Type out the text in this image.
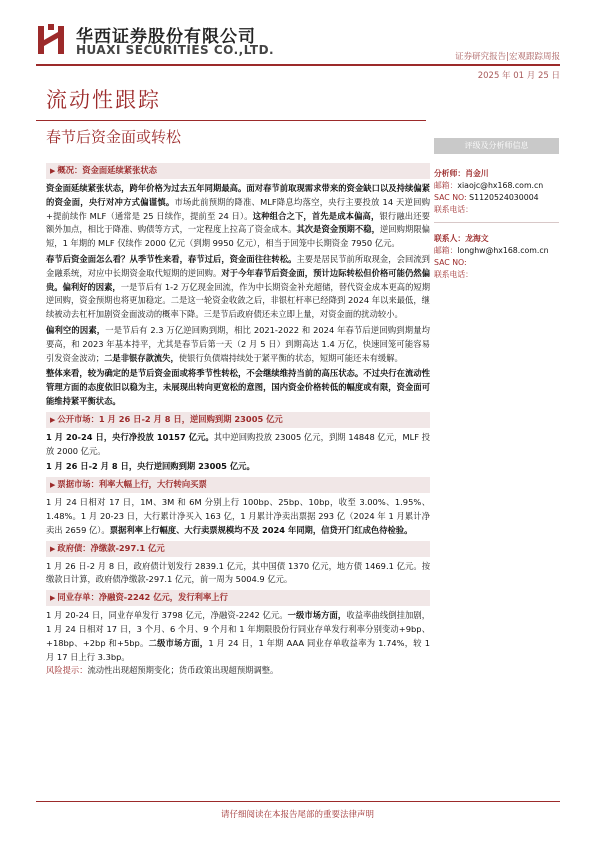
华西证券股份有限公司
HUAXI SECURITIES CO.,LTD.	证券研究报告|宏观跟踪周报
2025 年 01 月 25 日
流动性跟踪
春节后资金面或转松	评级及分析师信息
分析师：肖金川
邮箱：xiaojc@hx168.com.cn
SAC NO: S1120524030004
联系电话：
联系人：龙海文
邮箱：longhw@hx168.com.cn
SAC NO:
联系电话：
▶ 概况：资金面延续紧张状态

资金面延续紧张状态，跨年价格为过去五年同期最高。面对春节前取现需求带来的资金缺口以及持续偏紧的资金面，央行对冲方式偏谨慎。市场此前预期的降准、MLF降息均落空，央行主要投放 14 天逆回购+提前续作 MLF（通常是 25 日续作，提前至 24 日）。这种组合之下，首先是成本偏高，银行融出还要额外加点，相比于降准、购债等方式，一定程度上拉高了资金成本。其次是资金预期不稳，逆回购期限偏短，1 年期的 MLF 仅续作 2000 亿元（到期 9950 亿元），相当于回笼中长期资金 7950 亿元。

春节后资金面怎么看？从季节性来看，春节过后，资金面往往转松。主要是居民节前所取现金，会回流到金融系统，对应中长期资金取代短期的逆回购。对于今年春节后资金面，预计边际转松但价格可能仍然偏贵。偏利好的因素，一是节后有 1-2 万亿现金回流，作为中长期资金补充超储，替代资金成本更高的短期逆回购，资金预期也将更加稳定。二是这一轮资金收敛之后，非银杠杆率已经降到 2024 年以来最低，继续被动去杠杆加剧资金面波动的概率下降。三是节后政府债还未立即上量，对资金面的扰动较小。

偏利空的因素，一是节后有 2.3 万亿逆回购到期，相比 2021-2022 和 2024 年春节后逆回购到期量均要高，和 2023 年基本持平，尤其是春节后第一天（2 月 5 日）到期高达 1.4 万亿，快速回笼可能容易引发资金波动；二是非银存款流失，使银行负债端持续处于紧平衡的状态，短期可能还未有缓解。

整体来看，较为确定的是节后资金面或将季节性转松，不会继续维持当前的高压状态。不过央行在流动性管理方面的态度依旧以稳为主，未展现出转向更宽松的意图，国内资金价格转低的幅度或有限，资金面可能维持紧平衡状态。

▶ 公开市场：1 月 26 日-2 月 8 日，逆回购到期 23005 亿元

1 月 20-24 日，央行净投放 10157 亿元。其中逆回购投放 23005 亿元，到期 14848 亿元，MLF 投放 2000 亿元。

1 月 26 日-2 月 8 日，央行逆回购到期 23005 亿元。

▶ 票据市场：利率大幅上行，大行转向买票

1 月 24 日相对 17 日，1M、3M 和 6M 分别上行 100bp、25bp、10bp，收至 3.00%、1.95%、1.48%。1 月 20-23 日，大行累计净买入 163 亿，1 月累计净卖出票据 293 亿（2024 年 1 月累计净卖出 2659 亿）。票据利率上行幅度、大行卖票规模均不及 2024 年同期，信贷开门红成色待检验。

▶ 政府债：净缴款-297.1 亿元

1 月 26 日-2 月 8 日，政府债计划发行 2839.1 亿元，其中国债 1370 亿元，地方债 1469.1 亿元。按缴款日计算，政府债净缴款-297.1 亿元，前一周为 5004.9 亿元。

▶ 同业存单：净融资-2242 亿元，发行利率上行

1 月 20-24 日，同业存单发行 3798 亿元，净融资-2242 亿元。一级市场方面，收益率曲线倒挂加剧，1 月 24 日相对 17 日，3 个月、6 个月、9 个月和 1 年期限股份行同业存单发行利率分别变动+9bp、+18bp、+2bp 和+5bp。二级市场方面，1 月 24 日，1 年期 AAA 同业存单收益率为 1.74%，较 1 月 17 日上行 3.3bp。
风险提示：流动性出现超预期变化；货币政策出现超预期调整。

请仔细阅读在本报告尾部的重要法律声明
